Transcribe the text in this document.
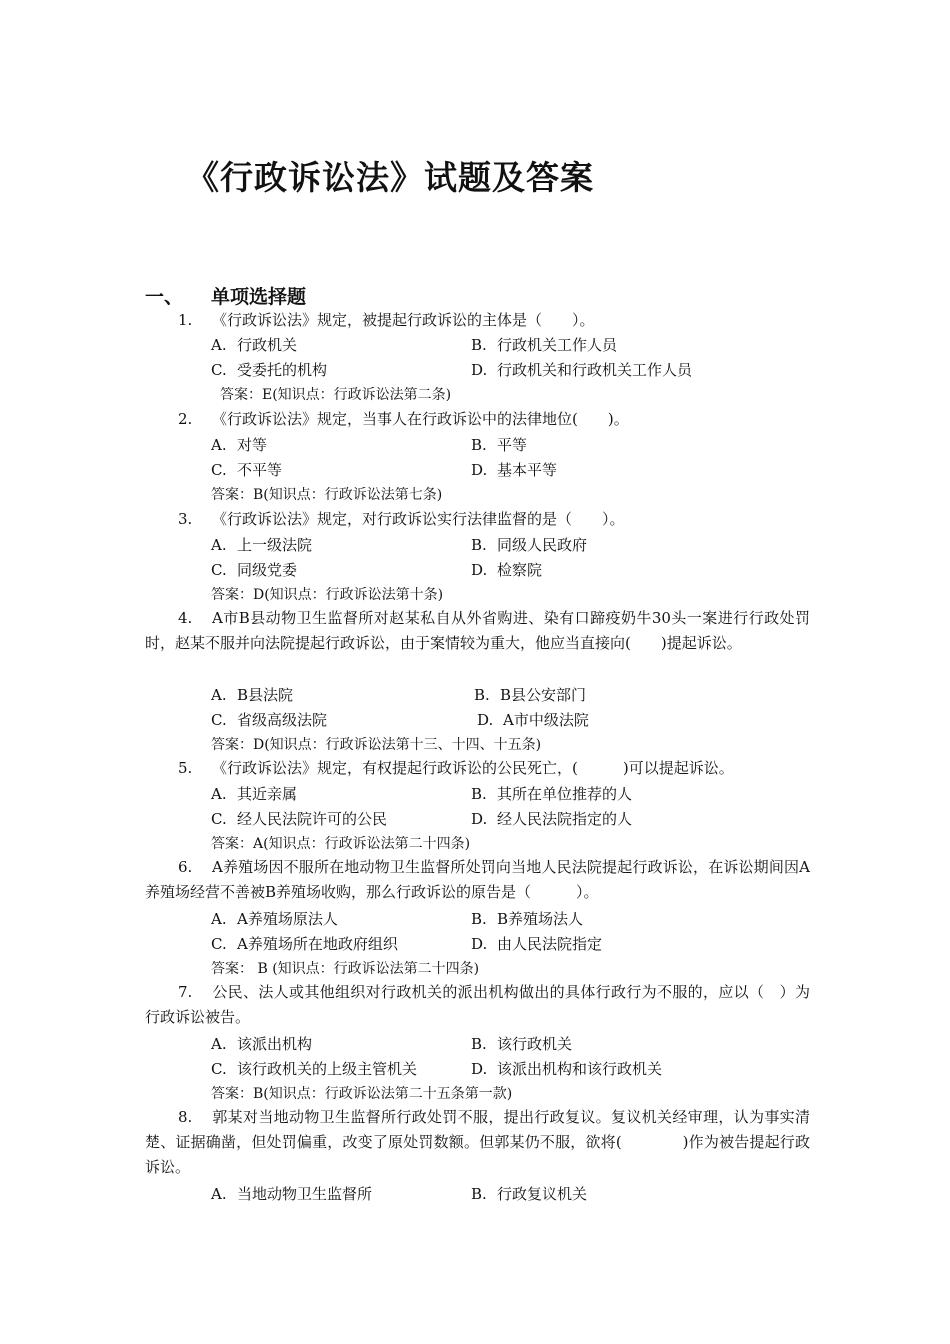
《行政诉讼法》试题及答案
一、 单项选择题
1. 《行政诉讼法》规定，被提起行政诉讼的主体是（　　）。
A. 行政机关	B. 行政机关工作人员
C. 受委托的机构	D. 行政机关和行政机关工作人员
答案：E(知识点：行政诉讼法第二条)
2. 《行政诉讼法》规定，当事人在行政诉讼中的法律地位(　　)。
A. 对等	B. 平等
C. 不平等	D. 基本平等
答案：B(知识点：行政诉讼法第七条)
3. 《行政诉讼法》规定，对行政诉讼实行法律监督的是（　　）。
A. 上一级法院	B. 同级人民政府
C. 同级党委	D. 检察院
答案：D(知识点：行政诉讼法第十条)
4. A市B县动物卫生监督所对赵某私自从外省购进、染有口蹄疫奶牛30头一案进行行政处罚时，赵某不服并向法院提起行政诉讼，由于案情较为重大，他应当直接向(　　)提起诉讼。
A. B县法院	B. B县公安部门
C. 省级高级法院	D. A市中级法院
答案：D(知识点：行政诉讼法第十三、十四、十五条)
5. 《行政诉讼法》规定，有权提起行政诉讼的公民死亡，(　　　)可以提起诉讼。
A. 其近亲属	B. 其所在单位推荐的人
C. 经人民法院许可的公民	D. 经人民法院指定的人
答案：A(知识点：行政诉讼法第二十四条)
6. A养殖场因不服所在地动物卫生监督所处罚向当地人民法院提起行政诉讼，在诉讼期间因A养殖场经营不善被B养殖场收购，那么行政诉讼的原告是（　　　）。
A. A养殖场原法人	B. B养殖场法人
C. A养殖场所在地政府组织	D. 由人民法院指定
答案： B (知识点：行政诉讼法第二十四条)
7. 公民、法人或其他组织对行政机关的派出机构做出的具体行政行为不服的，应以（　）为行政诉讼被告。
A. 该派出机构	B. 该行政机关
C. 该行政机关的上级主管机关	D. 该派出机构和该行政机关
答案：B(知识点：行政诉讼法第二十五条第一款)
8. 郭某对当地动物卫生监督所行政处罚不服，提出行政复议。复议机关经审理，认为事实清楚、证据确凿，但处罚偏重，改变了原处罚数额。但郭某仍不服，欲将(　　　　)作为被告提起行政诉讼。
A. 当地动物卫生监督所	B. 行政复议机关
